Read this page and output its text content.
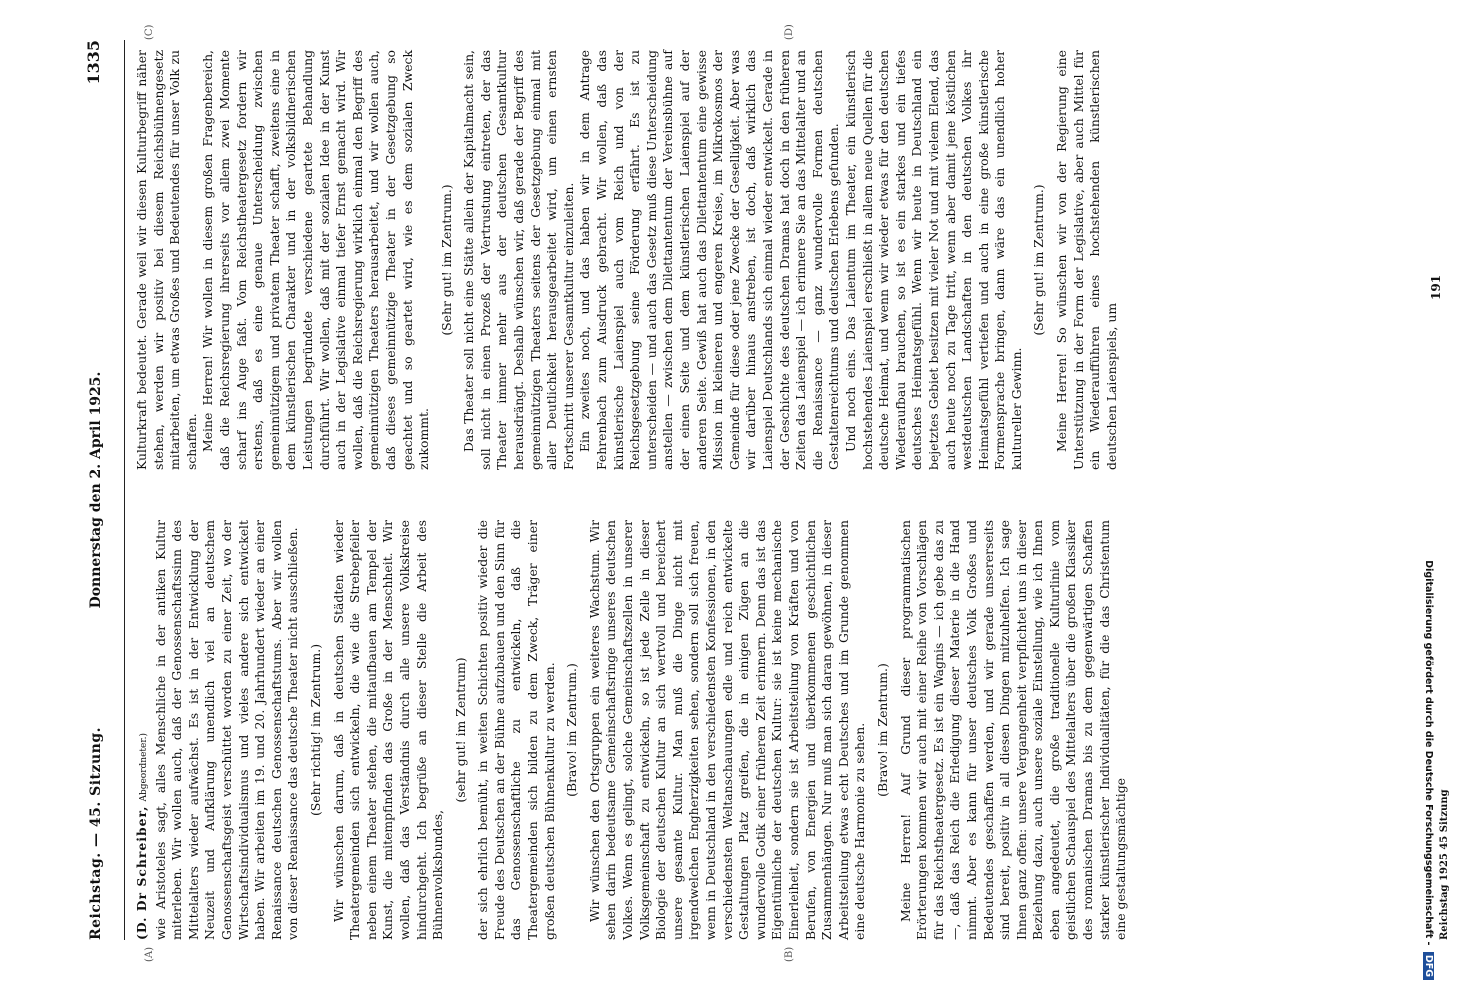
Reichstag. — 45. Sitzung.
Donnerstag den 2. April 1925.
1335
(A)	(B)
(C)	(D)

(D. Dr Schreiber, Abgeordneter.) wie Aristoteles sagt, alles Menschliche in der antiken Kultur miterleben. Wir wollen auch, daß der Genossenschaftssinn des Mittelalters wieder aufwächst. Es ist in der Entwicklung der Neuzeit und Aufklärung unendlich viel an deutschem Genossenschaftsgeist verschüttet worden zu einer Zeit, wo der Wirtschaftsindividualismus und vieles andere sich entwickelt haben. Wir arbeiten im 19. und 20. Jahrhundert wieder an einer Renaissance deutschen Genossenschaftstums. Aber wir wollen von dieser Renaissance das deutsche Theater nicht ausschließen. (Sehr richtig! im Zentrum.) Wir wünschen darum, daß in deutschen Städten wieder Theatergemeinden sich entwickeln, die wie die Strebepfeiler neben einem Theater stehen, die mitaufbauen am Tempel der Kunst, die mitempfinden das Große in der Menschheit. Wir wollen, daß das Verständnis durch alle unsere Volkskreise hindurchgeht. Ich begrüße an dieser Stelle die Arbeit des Bühnenvolksbundes,

(sehr gut! im Zentrum) der sich ehrlich bemüht, in weiten Schichten positiv wieder die Freude des Deutschen an der Bühne aufzubauen und den Sinn für das Genossenschaftliche zu entwickeln, daß die Theatergemeinden sich bilden zu dem Zweck, Träger einer großen deutschen Bühnenkultur zu werden. (Bravo! im Zentrum.) Wir wünschen den Ortsgruppen ein weiteres Wachstum. Wir sehen darin bedeutsame Gemeinschaftsringe unseres deutschen Volkes. Wenn es gelingt, solche Gemeinschaftszellen in unserer Volksgemeinschaft zu entwickeln, so ist jede Zelle in dieser Biologie der deutschen Kultur an sich wertvoll und bereichert unsere gesamte Kultur. Man muß die Dinge nicht mit irgendwelchen Engherzigkeiten sehen, sondern soll sich freuen, wenn in Deutschland in den verschiedensten Konfessionen, in den verschiedensten Weltanschauungen edle und reich entwickelte Gestaltungen Platz greifen, die in einigen Zügen an die wundervolle Gotik einer früheren Zeit erinnern. Denn das ist das Eigentümliche der deutschen Kultur: sie ist keine mechanische Einerleiheit, sondern sie ist Arbeitsteilung von Kräften und von Berufen, von Energien und überkommenen geschichtlichen Zusammenhängen. Nur muß man sich daran gewöhnen, in dieser Arbeitsteilung etwas echt Deutsches und im Grunde genommen eine deutsche Harmonie zu sehen. (Bravo! im Zentrum.) Meine Herren! Auf Grund dieser programmatischen Erörterungen kommen wir auch mit einer Reihe von Vorschlägen für das Reichstheatergesetz. Es ist ein Wagnis — ich gebe das zu —, daß das Reich die Erledigung dieser Materie in die Hand nimmt. Aber es kann für unser deutsches Volk Großes und Bedeutendes geschaffen werden, und wir gerade unsererseits sind bereit, positiv in all diesen Dingen mitzuhelfen. Ich sage Ihnen ganz offen: unsere Vergangenheit verpflichtet uns in dieser Beziehung dazu, auch unsere soziale Einstellung, wie ich Ihnen eben angedeutet, die große traditionelle Kulturlinie vom geistlichen Schauspiel des Mittelalters über die großen Klassiker des romanischen Dramas bis zu dem gegenwärtigen Schaffen starker künstlerischer Individualitäten, für die das Christentum eine gestaltungsmächtige

Kulturkraft bedeutet. Gerade weil wir diesen Kulturbegriff näher stehen, werden wir positiv bei diesem Reichsbühnengesetz mitarbeiten, um etwas Großes und Bedeutendes für unser Volk zu schaffen. Meine Herren! Wir wollen in diesem großen Fragenbereich, daß die Reichsregierung ihrerseits vor allem zwei Momente scharf ins Auge faßt. Vom Reichstheatergesetz fordern wir erstens, daß es eine genaue Unterscheidung zwischen gemeinnützigem und privatem Theater schafft, zweitens eine in dem künstlerischen Charakter und in der volksbildnerischen Leistungen begründete verschiedene geartete Behandlung durchführt. Wir wollen, daß mit der sozialen Idee in der Kunst auch in der Legislative einmal tiefer Ernst gemacht wird. Wir wollen, daß die Reichsregierung wirklich einmal den Begriff des gemeinnützigen Theaters herausarbeitet, und wir wollen auch, daß dieses gemeinnützige Theater in der Gesetzgebung so geachtet und so geartet wird, wie es dem sozialen Zweck zukommt.

(Sehr gut! im Zentrum.) Das Theater soll nicht eine Stätte allein der Kapitalmacht sein, soll nicht in einen Prozeß der Vertrustung eintreten, der das Theater immer mehr aus der deutschen Gesamtkultur herausdrängt. Deshalb wünschen wir, daß gerade der Begriff des gemeinnützigen Theaters seitens der Gesetzgebung einmal mit aller Deutlichkeit herausgearbeitet wird, um einen ernsten Fortschritt unserer Gesamtkultur einzuleiten. Ein zweites noch, und das haben wir in dem Antrage Fehrenbach zum Ausdruck gebracht. Wir wollen, daß das künstlerische Laienspiel auch vom Reich und von der Reichsgesetzgebung seine Förderung erfährt. Es ist zu unterscheiden — und auch das Gesetz muß diese Unterscheidung anstellen — zwischen dem Dilettantentum der Vereinsbühne auf der einen Seite und dem künstlerischen Laienspiel auf der anderen Seite. Gewiß hat auch das Dilettantentum eine gewisse Mission im kleineren und engeren Kreise, im Mikrokosmos der Gemeinde für diese oder jene Zwecke der Geselligkeit. Aber was wir darüber hinaus anstreben, ist doch, daß wirklich das Laienspiel Deutschlands sich einmal wieder entwickelt. Gerade in der Geschichte des deutschen Dramas hat doch in den früheren Zeiten das Laienspiel — ich erinnere Sie an das Mittelalter und an die Renaissance — ganz wundervolle Formen deutschen Gestaltenreichtums und deutschen Erlebens gefunden. Und noch eins. Das Laientum im Theater, ein künstlerisch hochstehendes Laienspiel erschließt in allem neue Quellen für die deutsche Heimat, und wenn wir wieder etwas für den deutschen Wiederaufbau brauchen, so ist es ein starkes und ein tiefes deutsches Heimatsgefühl. Wenn wir heute in Deutschland ein bejetztes Gebiet besitzen mit vieler Not und mit vielem Elend, das auch heute noch zu Tage tritt, wenn aber damit jene köstlichen westdeutschen Landschaften in den deutschen Volkes ihr Heimatsgefühl vertiefen und auch in eine große künstlerische Formensprache bringen, dann wäre das ein unendlich hoher kultureller Gewinn.

(Sehr gut! im Zentrum.) Meine Herren! So wünschen wir von der Regierung eine Unterstützung in der Form der Legislative, aber auch Mittel für ein Wiederaufführen eines hochstehenden künstlerischen deutschen Laienspiels, um

191
Reichstag 1925 45 Sitzung
Digitalisierung gefördert durch die Deutsche Forschungsgemeinschaft - DFG
